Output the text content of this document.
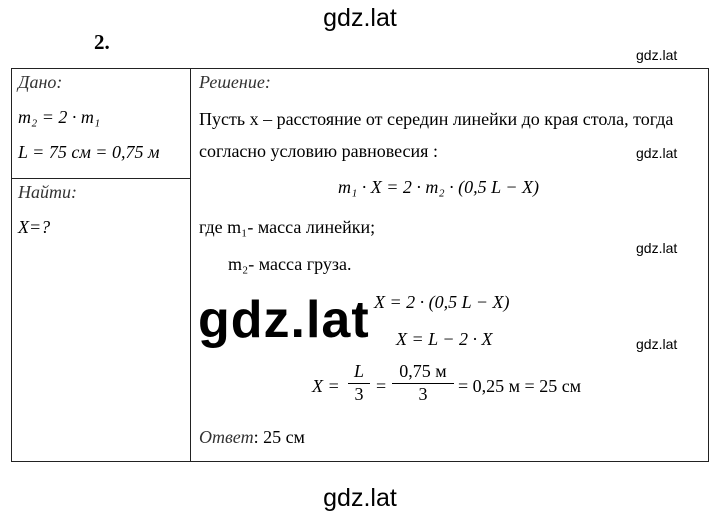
gdz.lat
gdz.lat
gdz.lat
gdz.lat
gdz.lat
2.
Дано:
m₂ = 2 · m₁
L = 75 см = 0,75 м
Найти:
X=?
Решение:
Пусть x – расстояние от середин линейки до края стола, тогда
согласно условию равновесия :
m₁ · X = 2 · m₂ · (0,5 L − X)
где m₁- масса линейки;
m₂- масса груза.
X = 2 · (0,5 L − X)
X = L − 2 · X
$X = \frac{L}{3}$ =
0,75 м
3	= 0,25 м = 25 см
Ответ: 25 см
gdz.lat
gdz.lat
